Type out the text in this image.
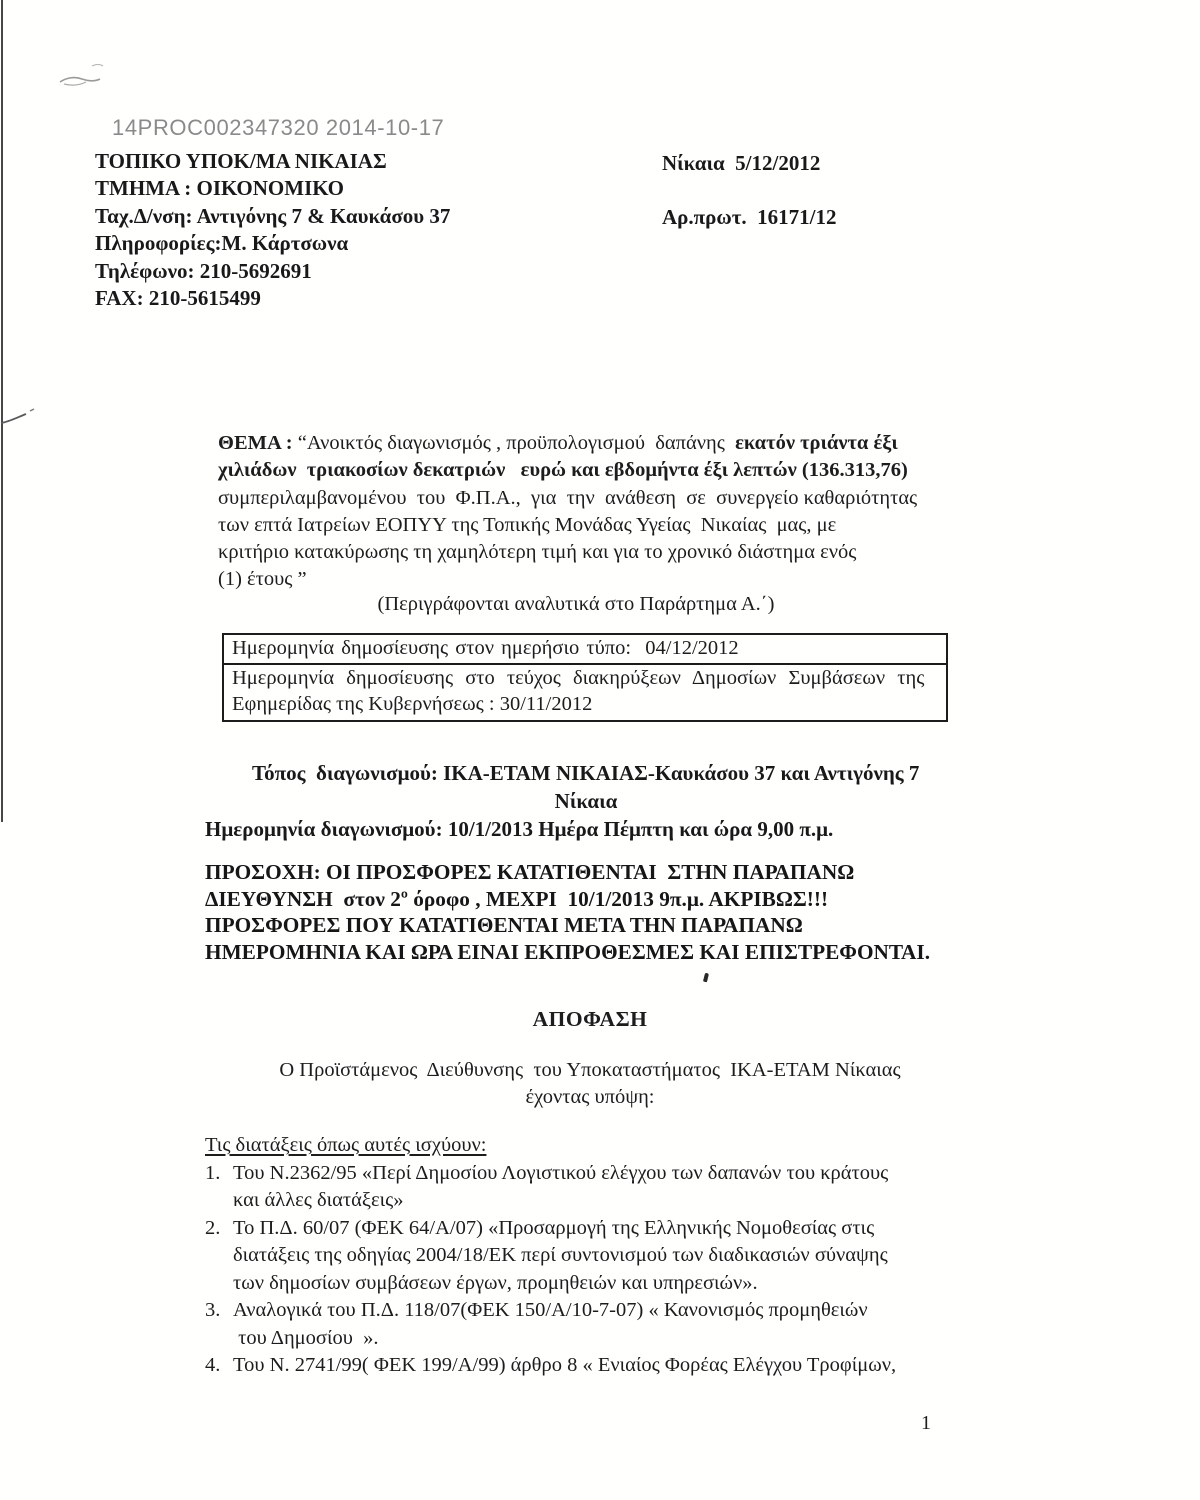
14PROC002347320 2014-10-17
ΤΟΠΙΚΟ ΥΠΟΚ/ΜΑ ΝΙΚΑΙΑΣ
ΤΜΗΜΑ : ΟΙΚΟΝΟΜΙΚΟ
Ταχ.Δ/νση: Αντιγόνης 7 & Καυκάσου 37
Πληροφορίες:Μ. Κάρτσωνα
Τηλέφωνο: 210-5692691
FAX: 210-5615499
Νίκαια  5/12/2012
Αρ.πρωτ.  16171/12
ΘΕΜΑ : “Ανοικτός διαγωνισμός , προϋπολογισμού  δαπάνης  εκατόν τριάντα έξι
χιλιάδων  τριακοσίων δεκατριών   ευρώ και εβδομήντα έξι λεπτών (136.313,76)
συμπεριλαμβανομένου  του  Φ.Π.Α.,  για  την  ανάθεση  σε  συνεργείο καθαριότητας
των επτά Ιατρείων ΕΟΠΥΥ της Τοπικής Μονάδας Υγείας  Νικαίας  μας, με
κριτήριο κατακύρωσης τη χαμηλότερη τιμή και για το χρονικό διάστημα ενός
(1) έτους ”
(Περιγράφονται αναλυτικά στο Παράρτημα Α.΄)
Ημερομηνία δημοσίευσης στον ημερήσιο τύπο:  04/12/2012
Ημερομηνία δημοσίευσης στο τεύχος διακηρύξεων Δημοσίων Συμβάσεων της
Εφημερίδας της Κυβερνήσεως : 30/11/2012
Τόπος  διαγωνισμού: ΙΚΑ-ΕΤΑΜ ΝΙΚΑΙΑΣ-Καυκάσου 37 και Αντιγόνης 7
Νίκαια
Ημερομηνία διαγωνισμού: 10/1/2013 Ημέρα Πέμπτη και ώρα 9,00 π.μ.
ΠΡΟΣΟΧΗ: ΟΙ ΠΡΟΣΦΟΡΕΣ ΚΑΤΑΤΙΘΕΝΤΑΙ  ΣΤΗΝ ΠΑΡΑΠΑΝΩ
ΔΙΕΥΘΥΝΣΗ  στον 2º όροφο , ΜΕΧΡΙ  10/1/2013 9π.μ. ΑΚΡΙΒΩΣ!!!
ΠΡΟΣΦΟΡΕΣ ΠΟΥ ΚΑΤΑΤΙΘΕΝΤΑΙ ΜΕΤΑ ΤΗΝ ΠΑΡΑΠΑΝΩ
ΗΜΕΡΟΜΗΝΙΑ ΚΑΙ ΩΡΑ ΕΙΝΑΙ ΕΚΠΡΟΘΕΣΜΕΣ ΚΑΙ ΕΠΙΣΤΡΕΦΟΝΤΑΙ.
ΑΠΟΦΑΣΗ
Ο Προϊστάμενος  Διεύθυνσης  του Υποκαταστήματος  ΙΚΑ-ΕΤΑΜ Νίκαιας
έχοντας υπόψη:
Τις διατάξεις όπως αυτές ισχύουν:
1. Του Ν.2362/95 «Περί Δημοσίου Λογιστικού ελέγχου των δαπανών του κράτους
και άλλες διατάξεις»
2. Το Π.Δ. 60/07 (ΦΕΚ 64/Α/07) «Προσαρμογή της Ελληνικής Νομοθεσίας στις
διατάξεις της οδηγίας 2004/18/ΕΚ περί συντονισμού των διαδικασιών σύναψης
των δημοσίων συμβάσεων έργων, προμηθειών και υπηρεσιών».
3. Αναλογικά του Π.Δ. 118/07(ΦΕΚ 150/Α/10-7-07) « Κανονισμός προμηθειών
του Δημοσίου  ».
4. Του Ν. 2741/99( ΦΕΚ 199/Α/99) άρθρο 8 « Ενιαίος Φορέας Ελέγχου Τροφίμων,
1
